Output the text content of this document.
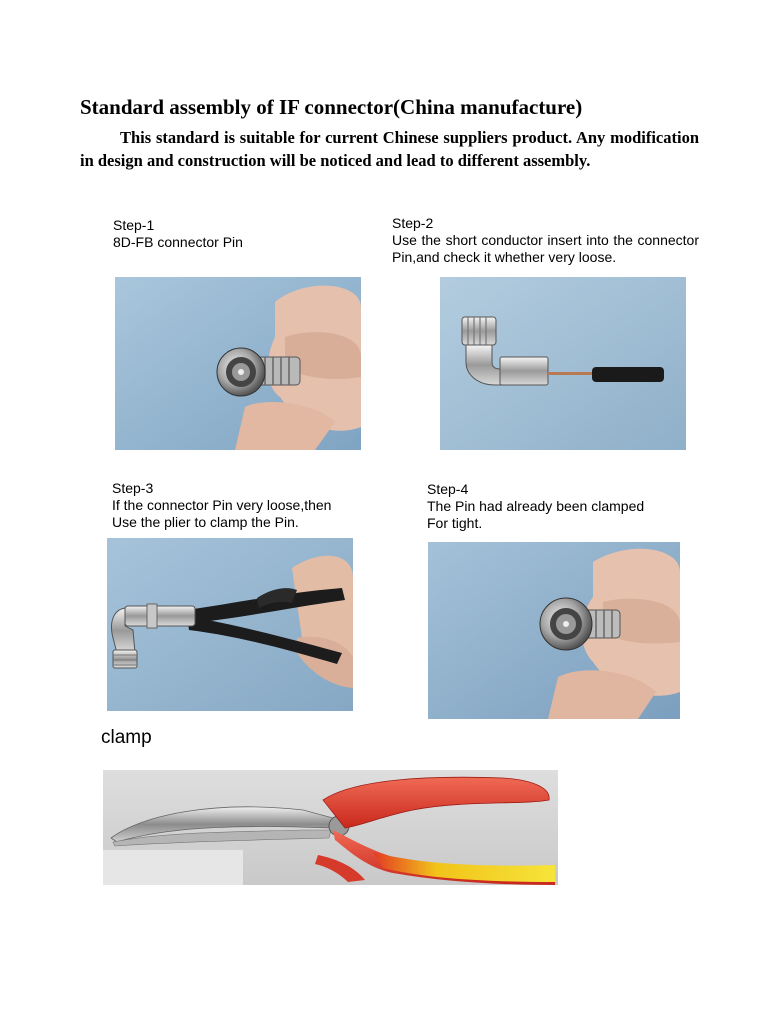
Standard assembly of IF connector(China manufacture)
This standard is suitable for current Chinese suppliers product. Any modification in design and construction will be noticed and lead to different assembly.
Step-1
8D-FB connector Pin
Step-2
Use the short conductor insert into the connector Pin,and check it whether very loose.
Step-3
If the connector Pin very loose,then
Use the plier to clamp the Pin.
Step-4
The Pin had already been clamped
For tight.
clamp
